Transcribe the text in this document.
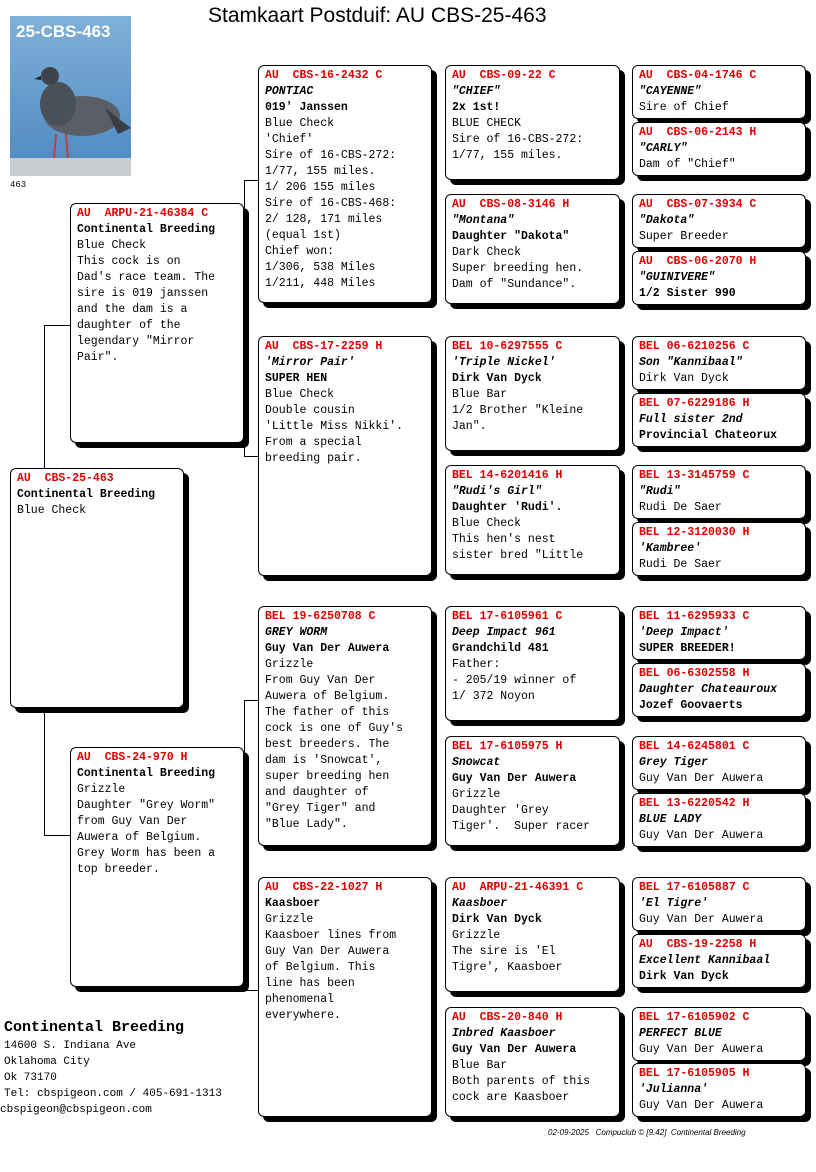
Stamkaart Postduif: AU CBS-25-463
25-CBS-463
463
AU  CBS-25-463
Continental Breeding
Blue Check
AU  ARPU-21-46384 C
Continental Breeding
Blue Check
This cock is on
Dad's race team. The
sire is 019 janssen
and the dam is a
daughter of the
legendary "Mirror
Pair".
AU  CBS-24-970 H
Continental Breeding
Grizzle
Daughter "Grey Worm"
from Guy Van Der
Auwera of Belgium.
Grey Worm has been a
top breeder.
AU  CBS-16-2432 C
PONTIAC
019' Janssen
Blue Check
'Chief'
Sire of 16-CBS-272:
1/77, 155 miles.
1/ 206 155 miles
Sire of 16-CBS-468:
2/ 128, 171 miles
(equal 1st)
Chief won:
1/306, 538 Miles
1/211, 448 Miles
AU  CBS-17-2259 H
'Mirror Pair'
SUPER HEN
Blue Check
Double cousin
'Little Miss Nikki'.
From a special
breeding pair.
BEL 19-6250708 C
GREY WORM
Guy Van Der Auwera
Grizzle
From Guy Van Der
Auwera of Belgium.
The father of this
cock is one of Guy's
best breeders. The
dam is 'Snowcat',
super breeding hen
and daughter of
"Grey Tiger" and
"Blue Lady".
AU  CBS-22-1027 H
Kaasboer
Grizzle
Kaasboer lines from
Guy Van Der Auwera
of Belgium. This
line has been
phenomenal
everywhere.
AU  CBS-09-22 C
"CHIEF"
2x 1st!
BLUE CHECK
Sire of 16-CBS-272:
1/77, 155 miles.
AU  CBS-08-3146 H
"Montana"
Daughter "Dakota"
Dark Check
Super breeding hen.
Dam of "Sundance".
BEL 10-6297555 C
'Triple Nickel'
Dirk Van Dyck
Blue Bar
1/2 Brother "Kleine
Jan".
BEL 14-6201416 H
"Rudi's Girl"
Daughter 'Rudi'.
Blue Check
This hen's nest
sister bred "Little
BEL 17-6105961 C
Deep Impact 961
Grandchild 481
Father:
- 205/19 winner of
1/ 372 Noyon
BEL 17-6105975 H
Snowcat
Guy Van Der Auwera
Grizzle
Daughter 'Grey
Tiger'.  Super racer
AU  ARPU-21-46391 C
Kaasboer
Dirk Van Dyck
Grizzle
The sire is 'El
Tigre', Kaasboer
AU  CBS-20-840 H
Inbred Kaasboer
Guy Van Der Auwera
Blue Bar
Both parents of this
cock are Kaasboer
AU  CBS-04-1746 C
"CAYENNE"
Sire of Chief
AU  CBS-06-2143 H
"CARLY"
Dam of "Chief"
AU  CBS-07-3934 C
"Dakota"
Super Breeder
AU  CBS-06-2070 H
"GUINIVERE"
1/2 Sister 990
BEL 06-6210256 C
Son "Kannibaal"
Dirk Van Dyck
BEL 07-6229186 H
Full sister 2nd
Provincial Chateorux
BEL 13-3145759 C
"Rudi"
Rudi De Saer
BEL 12-3120030 H
'Kambree'
Rudi De Saer
BEL 11-6295933 C
'Deep Impact'
SUPER BREEDER!
BEL 06-6302558 H
Daughter Chateauroux
Jozef Goovaerts
BEL 14-6245801 C
Grey Tiger
Guy Van Der Auwera
BEL 13-6220542 H
BLUE LADY
Guy Van Der Auwera
BEL 17-6105887 C
'El Tigre'
Guy Van Der Auwera
AU  CBS-19-2258 H
Excellent Kannibaal
Dirk Van Dyck
BEL 17-6105902 C
PERFECT BLUE
Guy Van Der Auwera
BEL 17-6105905 H
'Julianna'
Guy Van Der Auwera
Continental Breeding
14600 S. Indiana Ave
Oklahoma City
Ok 73170
Tel: cbspigeon.com / 405-691-1313
cbspigeon@cbspigeon.com
02-09-2025   Compuclub © [9.42]  Continental Breeding
